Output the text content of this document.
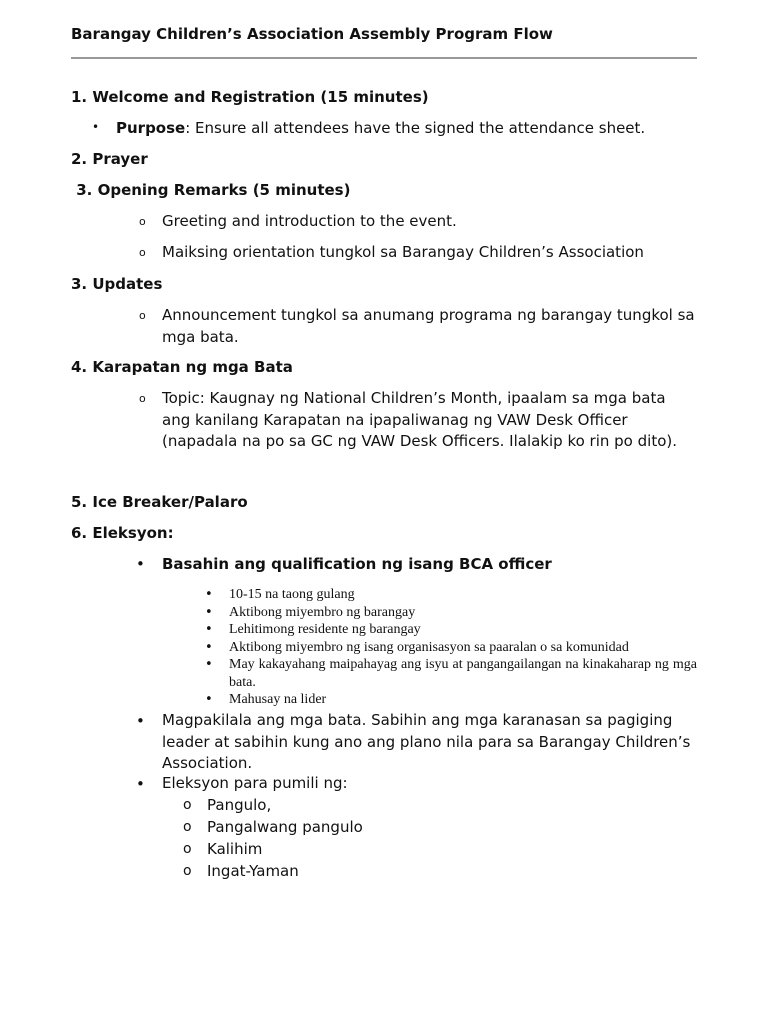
Barangay Children’s Association Assembly Program Flow
1. Welcome and Registration (15 minutes)
• Purpose: Ensure all attendees have the signed the attendance sheet.
2. Prayer
3. Opening Remarks (5 minutes)
o Greeting and introduction to the event.
o Maiksing orientation tungkol sa Barangay Children’s Association
3. Updates
o Announcement tungkol sa anumang programa ng barangay tungkol sa mga bata.
4. Karapatan ng mga Bata
o Topic: Kaugnay ng National Children’s Month, ipaalam sa mga bata ang kanilang Karapatan na ipapaliwanag ng VAW Desk Officer (napadala na po sa GC ng VAW Desk Officers. Ilalakip ko rin po dito).
5. Ice Breaker/Palaro
6. Eleksyon:
• Basahin ang qualification ng isang BCA officer
• 10-15 na taong gulang
• Aktibong miyembro ng barangay
• Lehitimong residente ng barangay
• Aktibong miyembro ng isang organisasyon sa paaralan o sa komunidad
• May kakayahang maipahayag ang isyu at pangangailangan na kinakaharap ng mga bata.
• Mahusay na lider
• Magpakilala ang mga bata. Sabihin ang mga karanasan sa pagiging leader at sabihin kung ano ang plano nila para sa Barangay Children’s Association.
• Eleksyon para pumili ng:
o Pangulo,
o Pangalwang pangulo
o Kalihim
o Ingat-Yaman
